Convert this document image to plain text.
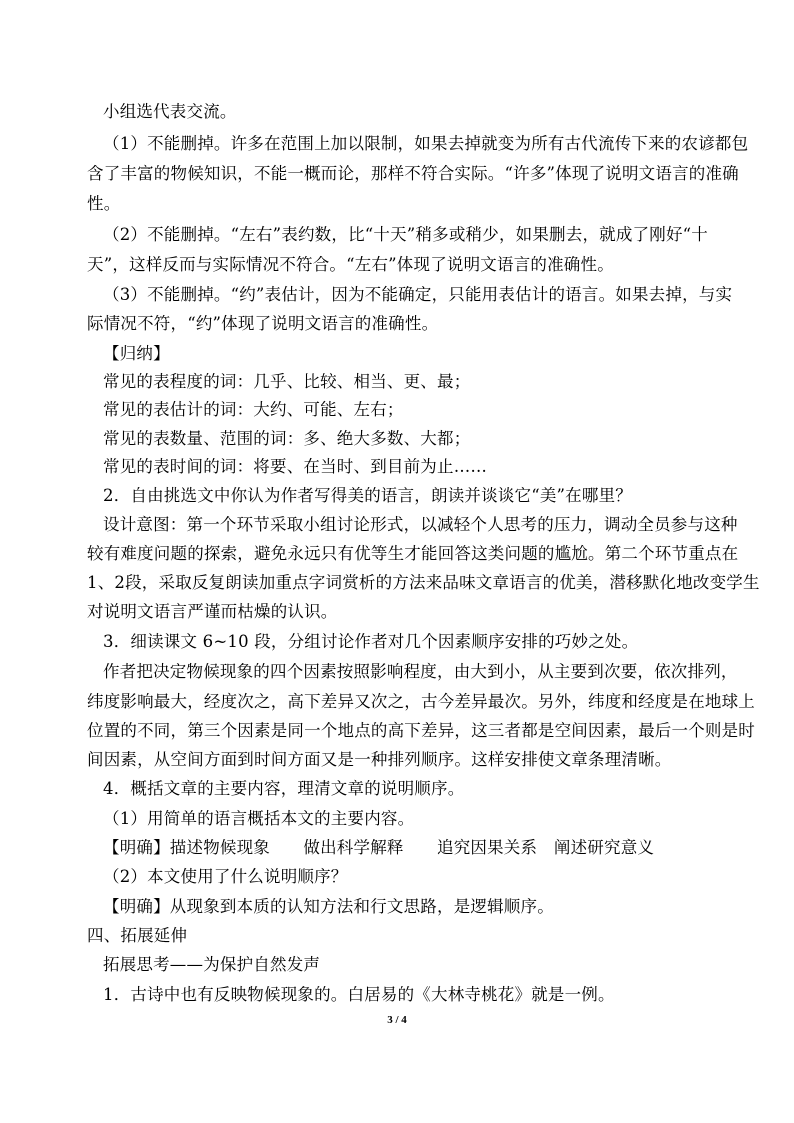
小组选代表交流。
（1）不能删掉。许多在范围上加以限制，如果去掉就变为所有古代流传下来的农谚都包
含了丰富的物候知识，不能一概而论，那样不符合实际。“许多”体现了说明文语言的准确
性。
（2）不能删掉。“左右”表约数，比“十天”稍多或稍少，如果删去，就成了刚好“十
天”，这样反而与实际情况不符合。“左右”体现了说明文语言的准确性。
（3）不能删掉。“约”表估计，因为不能确定，只能用表估计的语言。如果去掉，与实
际情况不符，“约”体现了说明文语言的准确性。
【归纳】
常见的表程度的词：几乎、比较、相当、更、最；
常见的表估计的词：大约、可能、左右；
常见的表数量、范围的词：多、绝大多数、大都；
常见的表时间的词：将要、在当时、到目前为止……
2．自由挑选文中你认为作者写得美的语言，朗读并谈谈它“美”在哪里？
设计意图：第一个环节采取小组讨论形式，以减轻个人思考的压力，调动全员参与这种
较有难度问题的探索，避免永远只有优等生才能回答这类问题的尴尬。第二个环节重点在
1、2段，采取反复朗读加重点字词赏析的方法来品味文章语言的优美，潜移默化地改变学生
对说明文语言严谨而枯燥的认识。
3．细读课文 6~10 段，分组讨论作者对几个因素顺序安排的巧妙之处。
作者把决定物候现象的四个因素按照影响程度，由大到小，从主要到次要，依次排列，
纬度影响最大，经度次之，高下差异又次之，古今差异最次。另外，纬度和经度是在地球上
位置的不同，第三个因素是同一个地点的高下差异，这三者都是空间因素，最后一个则是时
间因素，从空间方面到时间方面又是一种排列顺序。这样安排使文章条理清晰。
4．概括文章的主要内容，理清文章的说明顺序。
（1）用简单的语言概括本文的主要内容。
【明确】描述物候现象　　做出科学解释　　追究因果关系　阐述研究意义
（2）本文使用了什么说明顺序？
【明确】从现象到本质的认知方法和行文思路，是逻辑顺序。
四、拓展延伸
拓展思考——为保护自然发声
1．古诗中也有反映物候现象的。白居易的《大林寺桃花》就是一例。
3 / 4
